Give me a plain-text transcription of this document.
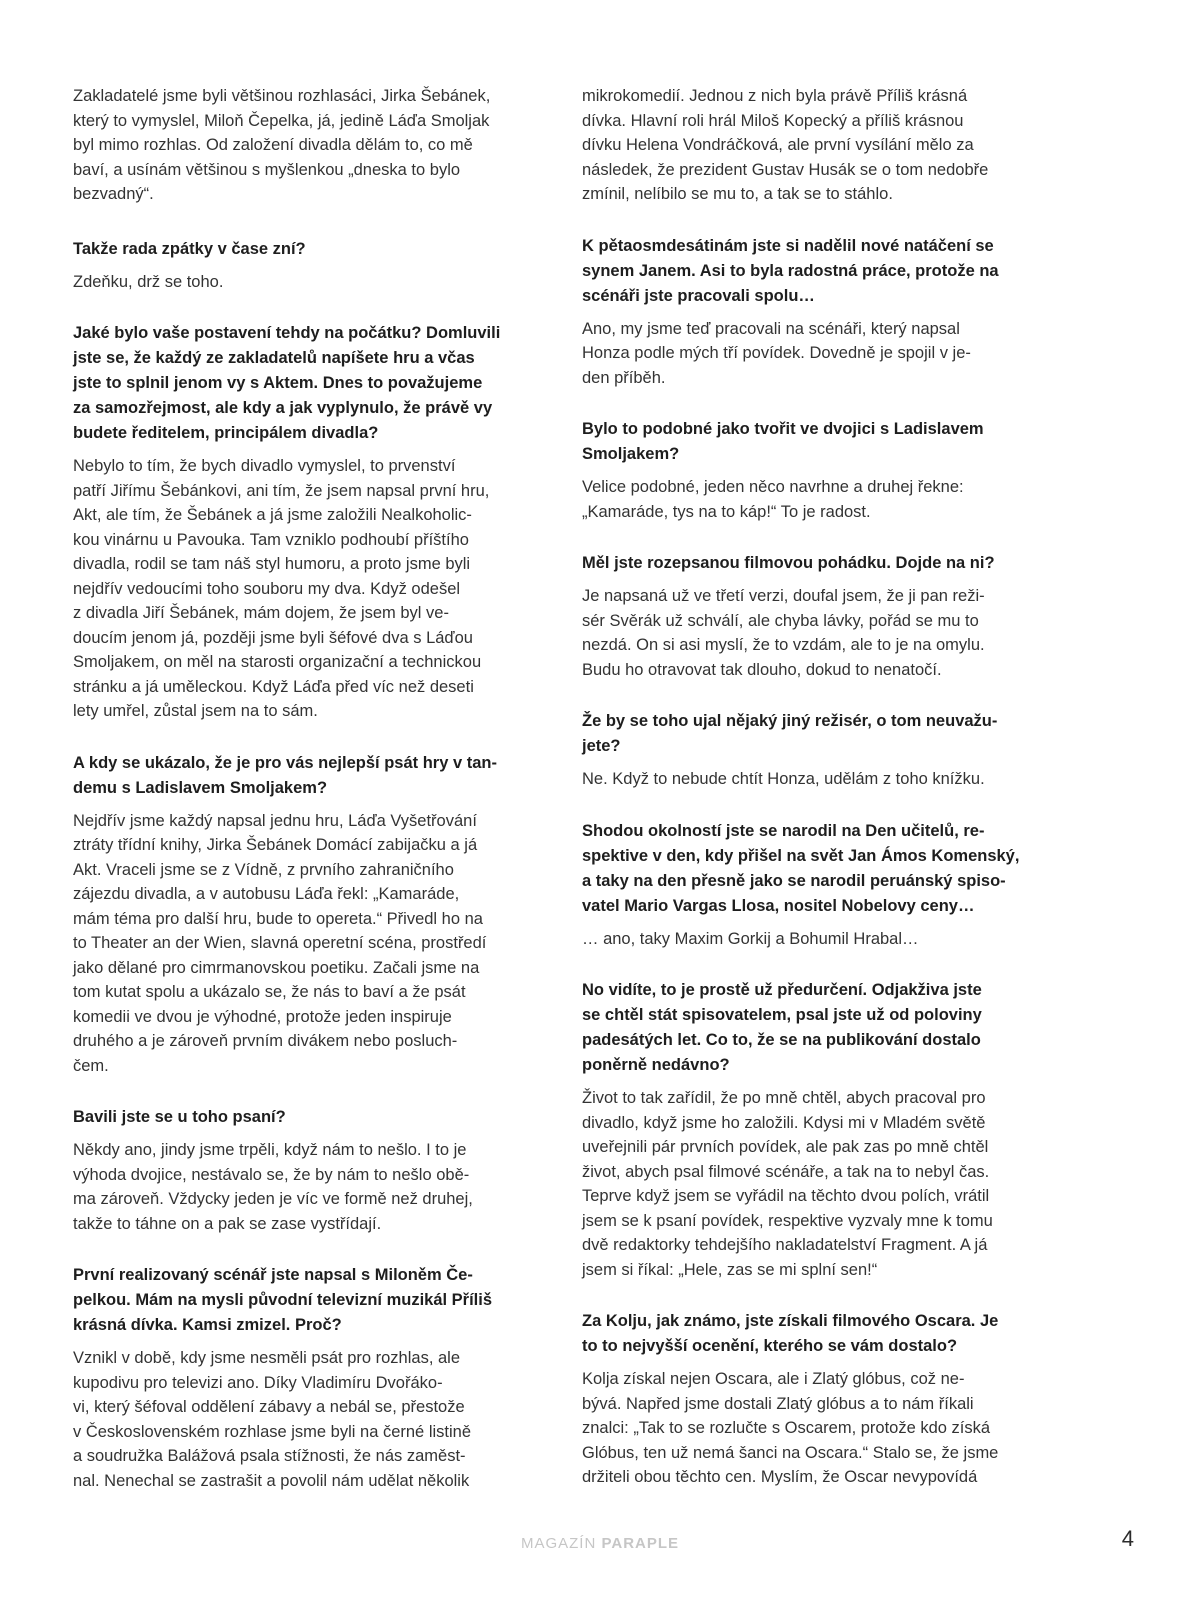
Zakladatelé jsme byli většinou rozhlasáci, Jirka Šebánek,
který to vymyslel, Miloň Čepelka, já, jedině Láďa Smoljak
byl mimo rozhlas. Od založení divadla dělám to, co mě
baví, a usínám většinou s myšlenkou „dneska to bylo
bezvadný“.

Takže rada zpátky v čase zní?

Zdeňku, drž se toho.

Jaké bylo vaše postavení tehdy na počátku? Domluvili
jste se, že každý ze zakladatelů napíšete hru a včas
jste to splnil jenom vy s Aktem. Dnes to považujeme
za samozřejmost, ale kdy a jak vyplynulo, že právě vy
budete ředitelem, principálem divadla?

Nebylo to tím, že bych divadlo vymyslel, to prvenství
patří Jiřímu Šebánkovi, ani tím, že jsem napsal první hru,
Akt, ale tím, že Šebánek a já jsme založili Nealkoholic-
kou vinárnu u Pavouka. Tam vzniklo podhoubí příštího
divadla, rodil se tam náš styl humoru, a proto jsme byli
nejdřív vedoucími toho souboru my dva. Když odešel
z divadla Jiří Šebánek, mám dojem, že jsem byl ve-
doucím jenom já, později jsme byli šéfové dva s Láďou
Smoljakem, on měl na starosti organizační a technickou
stránku a já uměleckou. Když Láďa před víc než deseti
lety umřel, zůstal jsem na to sám.

A kdy se ukázalo, že je pro vás nejlepší psát hry v tan-
demu s Ladislavem Smoljakem?

Nejdřív jsme každý napsal jednu hru, Láďa Vyšetřování
ztráty třídní knihy, Jirka Šebánek Domácí zabijačku a já
Akt. Vraceli jsme se z Vídně, z prvního zahraničního
zájezdu divadla, a v autobusu Láďa řekl: „Kamaráde,
mám téma pro další hru, bude to opereta.“ Přivedl ho na
to Theater an der Wien, slavná operetní scéna, prostředí
jako dělané pro cimrmanovskou poetiku. Začali jsme na
tom kutat spolu a ukázalo se, že nás to baví a že psát
komedii ve dvou je výhodné, protože jeden inspiruje
druhého a je zároveň prvním divákem nebo posluch-
čem.

Bavili jste se u toho psaní?

Někdy ano, jindy jsme trpěli, když nám to nešlo. I to je
výhoda dvojice, nestávalo se, že by nám to nešlo obě-
ma zároveň. Vždycky jeden je víc ve formě než druhej,
takže to táhne on a pak se zase vystřídají.

První realizovaný scénář jste napsal s Miloněm Če-
pelkou. Mám na mysli původní televizní muzikál Příliš
krásná dívka. Kamsi zmizel. Proč?

Vznikl v době, kdy jsme nesměli psát pro rozhlas, ale
kupodivu pro televizi ano. Díky Vladimíru Dvořáko-
vi, který šéfoval oddělení zábavy a nebál se, přestože
v Československém rozhlase jsme byli na černé listině
a soudružka Balážová psala stížnosti, že nás zaměst-
nal. Nenechal se zastrašit a povolil nám udělat několik

mikrokomedií. Jednou z nich byla právě Příliš krásná
dívka. Hlavní roli hrál Miloš Kopecký a příliš krásnou
dívku Helena Vondráčková, ale první vysílání mělo za
následek, že prezident Gustav Husák se o tom nedobře
zmínil, nelíbilo se mu to, a tak se to stáhlo.

K pětaosmdesátinám jste si nadělil nové natáčení se
synem Janem. Asi to byla radostná práce, protože na
scénáři jste pracovali spolu…

Ano, my jsme teď pracovali na scénáři, který napsal
Honza podle mých tří povídek. Dovedně je spojil v je-
den příběh.

Bylo to podobné jako tvořit ve dvojici s Ladislavem
Smoljakem?

Velice podobné, jeden něco navrhne a druhej řekne:
„Kamaráde, tys na to káp!“ To je radost.

Měl jste rozepsanou filmovou pohádku. Dojde na ni?

Je napsaná už ve třetí verzi, doufal jsem, že ji pan reži-
sér Svěrák už schválí, ale chyba lávky, pořád se mu to
nezdá. On si asi myslí, že to vzdám, ale to je na omylu.
Budu ho otravovat tak dlouho, dokud to nenatočí.

Že by se toho ujal nějaký jiný režisér, o tom neuvažu-
jete?

Ne. Když to nebude chtít Honza, udělám z toho knížku.

Shodou okolností jste se narodil na Den učitelů, re-
spektive v den, kdy přišel na svět Jan Ámos Komenský,
a taky na den přesně jako se narodil peruánský spiso-
vatel Mario Vargas Llosa, nositel Nobelovy ceny…

… ano, taky Maxim Gorkij a Bohumil Hrabal…

No vidíte, to je prostě už předurčení. Odjakživa jste
se chtěl stát spisovatelem, psal jste už od poloviny
padesátých let. Co to, že se na publikování dostalo
poněrně nedávno?

Život to tak zařídil, že po mně chtěl, abych pracoval pro
divadlo, když jsme ho založili. Kdysi mi v Mladém světě
uveřejnili pár prvních povídek, ale pak zas po mně chtěl
život, abych psal filmové scénáře, a tak na to nebyl čas.
Teprve když jsem se vyřádil na těchto dvou polích, vrátil
jsem se k psaní povídek, respektive vyzvaly mne k tomu
dvě redaktorky tehdejšího nakladatelství Fragment. A já
jsem si říkal: „Hele, zas se mi splní sen!“

Za Kolju, jak známo, jste získali filmového Oscara. Je
to to nejvyšší ocenění, kterého se vám dostalo?

Kolja získal nejen Oscara, ale i Zlatý glóbus, což ne-
bývá. Napřed jsme dostali Zlatý glóbus a to nám říkali
znalci: „Tak to se rozlučte s Oscarem, protože kdo získá
Glóbus, ten už nemá šanci na Oscara.“ Stalo se, že jsme
držiteli obou těchto cen. Myslím, že Oscar nevypovídá

MAGAZÍN PARAPLE	4
